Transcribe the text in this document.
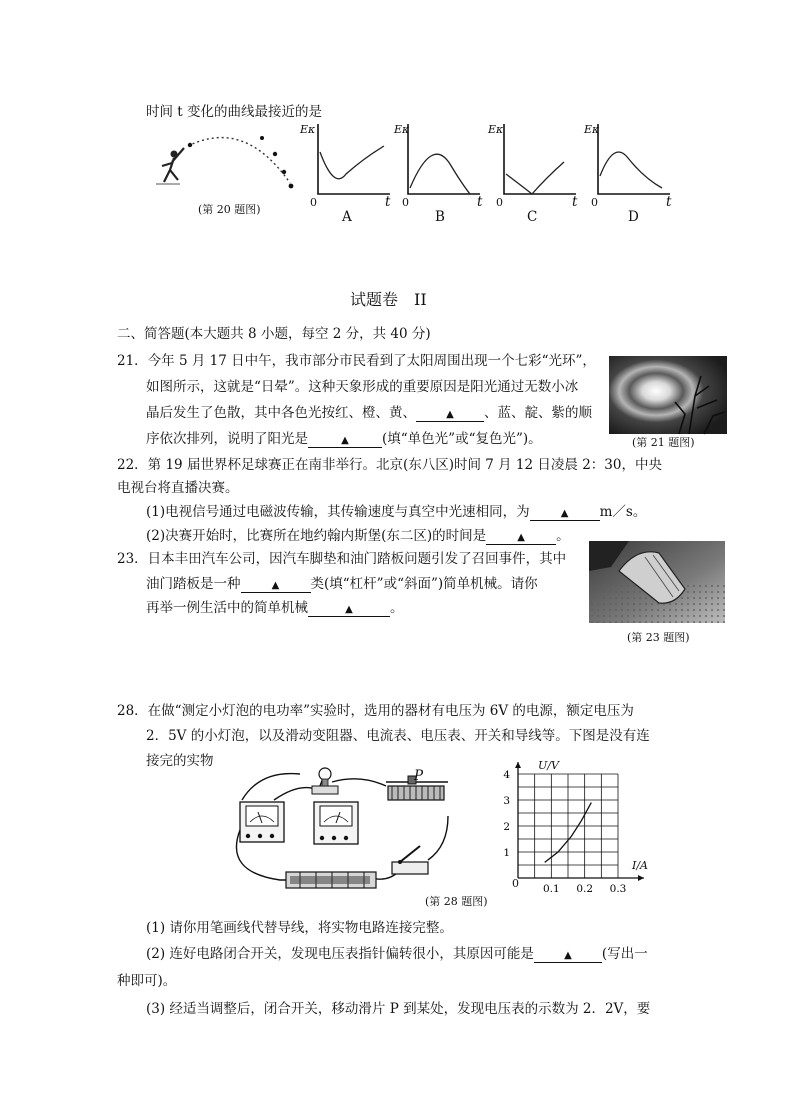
时间 t 变化的曲线最接近的是
(第 20 题图)
Eκ
0	t
A
Eκ
0	t
B
Eκ
0	t
C
Eκ
0	t
D
试题卷　II
二、简答题(本大题共 8 小题，每空 2 分，共 40 分)
21．今年 5 月 17 日中午，我市部分市民看到了太阳周围出现一个七彩“光环”，
如图所示，这就是“日晕”。这种天象形成的重要原因是阳光通过无数小冰
晶后发生了色散，其中各色光按红、橙、黄、	▲ 、蓝、靛、紫的顺
序依次排列，说明了阳光是	▲ (填“单色光”或“复色光”)。	(第 21 题图)
22．第 19 届世界杯足球赛正在南非举行。北京(东八区)时间 7 月 12 日凌晨 2：30，中央
电视台将直播决赛。
(1)电视信号通过电磁波传输，其传输速度与真空中光速相同，为	▲ m／s。
(2)决赛开始时，比赛所在地约翰内斯堡(东二区)的时间是	▲ 。
23．日本丰田汽车公司，因汽车脚垫和油门踏板问题引发了召回事件，其中
油门踏板是一种	▲ 类(填“杠杆”或“斜面”)简单机械。请你
再举一例生活中的简单机械	▲	。
(第 23 题图)
28．在做“测定小灯泡的电功率”实验时，选用的器材有电压为 6V 的电源，额定电压为
2．5V 的小灯泡，以及滑动变阻器、电流表、电压表、开关和导线等。下图是没有连
接完的实物
P
0.1 0.2 0.3
1
2
3
4
U/V
I/A
0
(第 28 题图)
(1) 请你用笔画线代替导线，将实物电路连接完整。
(2) 连好电路闭合开关，发现电压表指针偏转很小，其原因可能是	▲ (写出一
种即可)。
(3) 经适当调整后，闭合开关，移动滑片 P 到某处，发现电压表的示数为 2．2V，要
